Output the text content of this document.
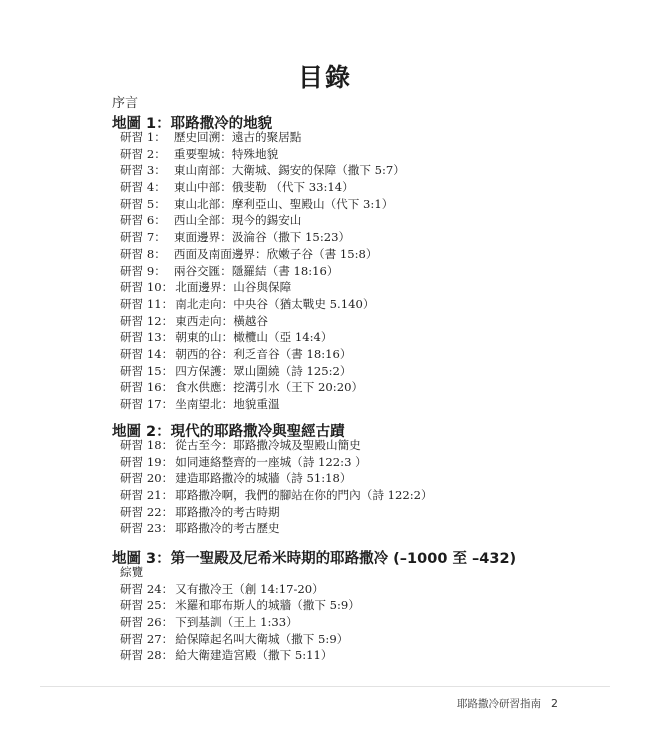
目錄
序言
地圖 1：耶路撒冷的地貌
研習 1： 歷史回溯：遠古的聚居點
研習 2： 重要聖城：特殊地貌
研習 3： 東山南部：大衛城、錫安的保障（撒下 5:7）
研習 4： 東山中部：俄斐勒 （代下 33:14）
研習 5： 東山北部：摩利亞山、聖殿山（代下 3:1）
研習 6： 西山全部：現今的錫安山
研習 7： 東面邊界：汲淪谷（撒下 15:23）
研習 8： 西面及南面邊界：欣嫩子谷（書 15:8）
研習 9： 兩谷交匯：隱羅結（書 18:16）
研習 10： 北面邊界：山谷與保障
研習 11： 南北走向：中央谷（猶太戰史 5.140）
研習 12： 東西走向：橫越谷
研習 13： 朝東的山：橄欖山（亞 14:4）
研習 14： 朝西的谷：利乏音谷（書 18:16）
研習 15： 四方保護：眾山圍繞（詩 125:2）
研習 16： 食水供應：挖溝引水（王下 20:20）
研習 17： 坐南望北：地貌重溫
地圖 2：現代的耶路撒冷與聖經古蹟
研習 18： 從古至今：耶路撒冷城及聖殿山簡史
研習 19： 如同連絡整齊的一座城（詩 122:3 ）
研習 20： 建造耶路撒冷的城牆（詩 51:18）
研習 21： 耶路撒冷啊，我們的腳站在你的門內（詩 122:2）
研習 22： 耶路撒冷的考古時期
研習 23： 耶路撒冷的考古歷史
地圖 3：第一聖殿及尼希米時期的耶路撒冷 (–1000 至 –432)
綜覽
研習 24： 又有撒冷王（創 14:17-20）
研習 25： 米羅和耶布斯人的城牆（撒下 5:9）
研習 26： 下到基訓（王上 1:33）
研習 27： 給保障起名叫大衛城（撒下 5:9）
研習 28： 給大衛建造宮殿（撒下 5:11）
耶路撒冷研習指南 2
